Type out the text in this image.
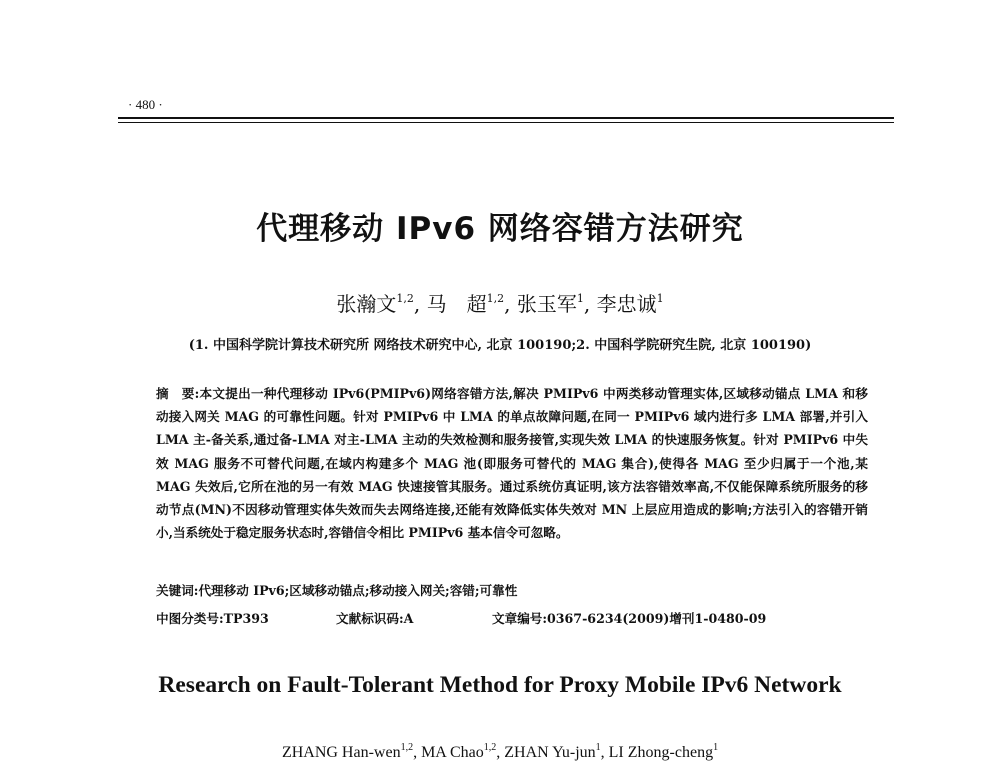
· 480 ·
代理移动 IPv6 网络容错方法研究
张瀚文$^{1,2}$, 马　超$^{1,2}$, 张玉军$^1$, 李忠诚$^1$
(1. 中国科学院计算技术研究所 网络技术研究中心, 北京 100190;2. 中国科学院研究生院, 北京 100190)

摘　要:本文提出一种代理移动 IPv6(PMIPv6)网络容错方法,解决 PMIPv6 中两类移动管理实体,区域移动锚点 LMA 和移动接入网关 MAG 的可靠性问题。针对 PMIPv6 中 LMA 的单点故障问题,在同一 PMIPv6 域内进行多 LMA 部署,并引入 LMA 主-备关系,通过备-LMA 对主-LMA 主动的失效检测和服务接管,实现失效 LMA 的快速服务恢复。针对 PMIPv6 中失效 MAG 服务不可替代问题,在域内构建多个 MAG 池(即服务可替代的 MAG 集合),使得各 MAG 至少归属于一个池,某 MAG 失效后,它所在池的另一有效 MAG 快速接管其服务。通过系统仿真证明,该方法容错效率高,不仅能保障系统所服务的移动节点(MN)不因移动管理实体失效而失去网络连接,还能有效降低实体失效对 MN 上层应用造成的影响;方法引入的容错开销小,当系统处于稳定服务状态时,容错信令相比 PMIPv6 基本信令可忽略。

关键词:代理移动 IPv6;区域移动锚点;移动接入网关;容错;可靠性

中图分类号:TP393	文献标识码:A	文章编号:0367-6234(2009)增刊1-0480-09
Research on Fault-Tolerant Method for Proxy Mobile IPv6 Network
ZHANG Han-wen$^{1,2}$, MA Chao$^{1,2}$, ZHAN Yu-jun$^1$, LI Zhong-cheng$^1$
